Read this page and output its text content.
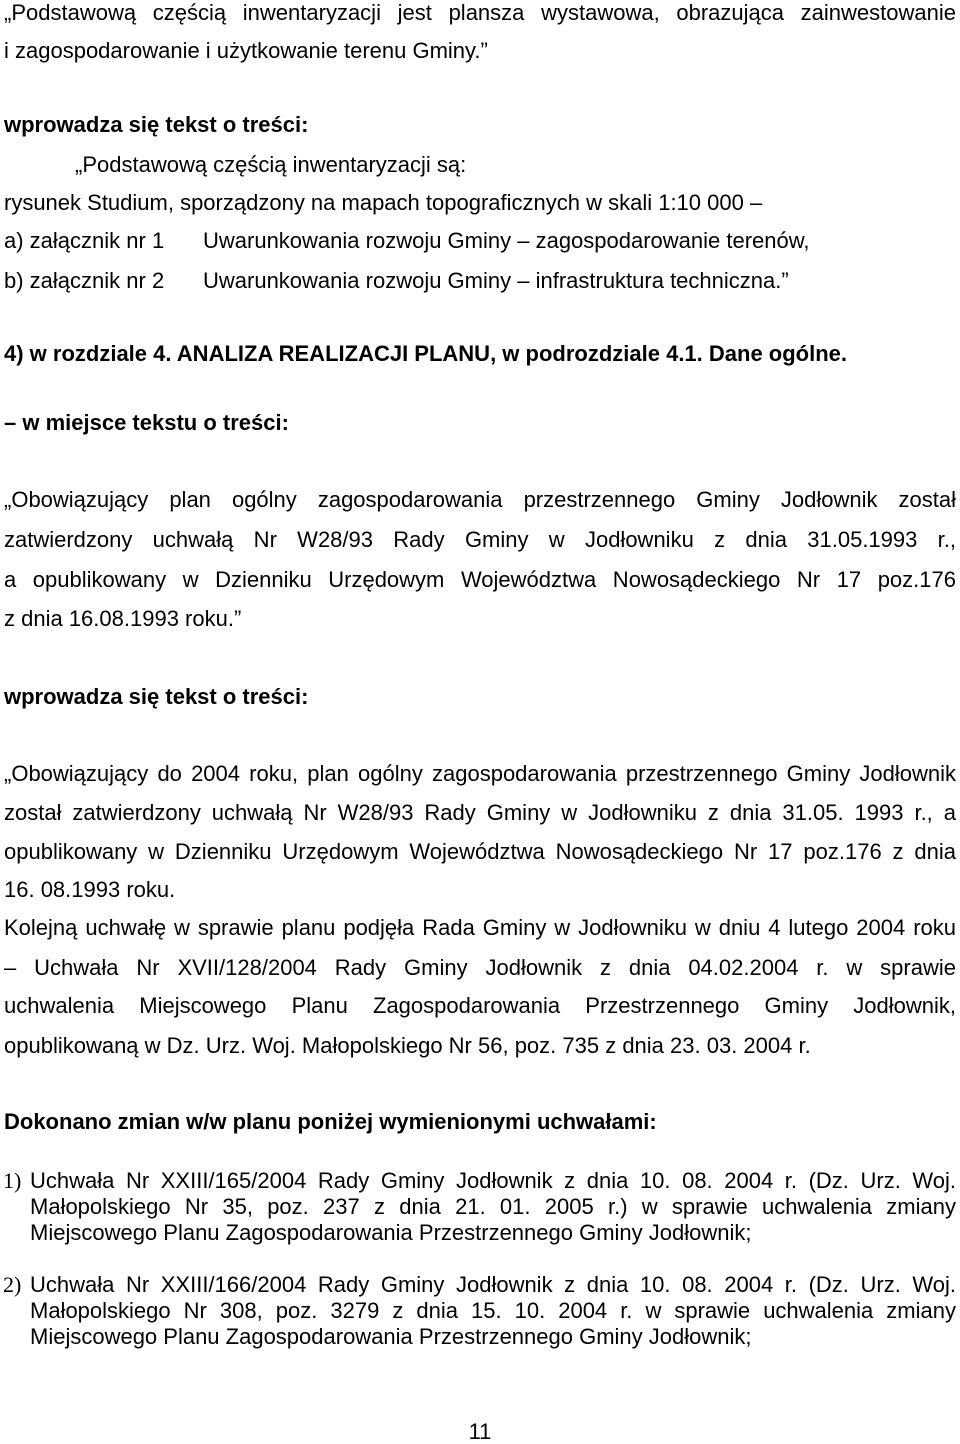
„Podstawową częścią inwentaryzacji jest plansza wystawowa, obrazująca zainwestowanie
i zagospodarowanie i użytkowanie terenu Gminy.”
wprowadza się tekst o treści:
„Podstawową częścią inwentaryzacji są:
rysunek Studium, sporządzony na mapach topograficznych w skali 1:10 000 –
a) załącznik nr 1 Uwarunkowania rozwoju Gminy – zagospodarowanie terenów,
b) załącznik nr 2 Uwarunkowania rozwoju Gminy – infrastruktura techniczna.”
4) w rozdziale 4. ANALIZA REALIZACJI PLANU, w podrozdziale 4.1. Dane ogólne.
– w miejsce tekstu o treści:
„Obowiązujący plan ogólny zagospodarowania przestrzennego Gminy Jodłownik został
zatwierdzony uchwałą Nr W28/93 Rady Gminy w Jodłowniku z dnia 31.05.1993 r.,
a opublikowany w Dzienniku Urzędowym Województwa Nowosądeckiego Nr 17 poz.176
z dnia 16.08.1993 roku.”
wprowadza się tekst o treści:
„Obowiązujący do 2004 roku, plan ogólny zagospodarowania przestrzennego Gminy Jodłownik
został zatwierdzony uchwałą Nr W28/93 Rady Gminy w Jodłowniku z dnia 31.05. 1993 r., a
opublikowany w Dzienniku Urzędowym Województwa Nowosądeckiego Nr 17 poz.176 z dnia
16. 08.1993 roku.
Kolejną uchwałę w sprawie planu podjęła Rada Gminy w Jodłowniku w dniu 4 lutego 2004 roku
– Uchwała Nr XVII/128/2004 Rady Gminy Jodłownik z dnia 04.02.2004 r. w sprawie
uchwalenia Miejscowego Planu Zagospodarowania Przestrzennego Gminy Jodłownik,
opublikowaną w Dz. Urz. Woj. Małopolskiego Nr 56, poz. 735 z dnia 23. 03. 2004 r.
Dokonano zmian w/w planu poniżej wymienionymi uchwałami:
1) Uchwała Nr XXIII/165/2004 Rady Gminy Jodłownik z dnia 10. 08. 2004 r. (Dz. Urz. Woj.
Małopolskiego Nr 35, poz. 237 z dnia 21. 01. 2005 r.) w sprawie uchwalenia zmiany
Miejscowego Planu Zagospodarowania Przestrzennego Gminy Jodłownik;
2) Uchwała Nr XXIII/166/2004 Rady Gminy Jodłownik z dnia 10. 08. 2004 r. (Dz. Urz. Woj.
Małopolskiego Nr 308, poz. 3279 z dnia 15. 10. 2004 r. w sprawie uchwalenia zmiany
Miejscowego Planu Zagospodarowania Przestrzennego Gminy Jodłownik;
11
